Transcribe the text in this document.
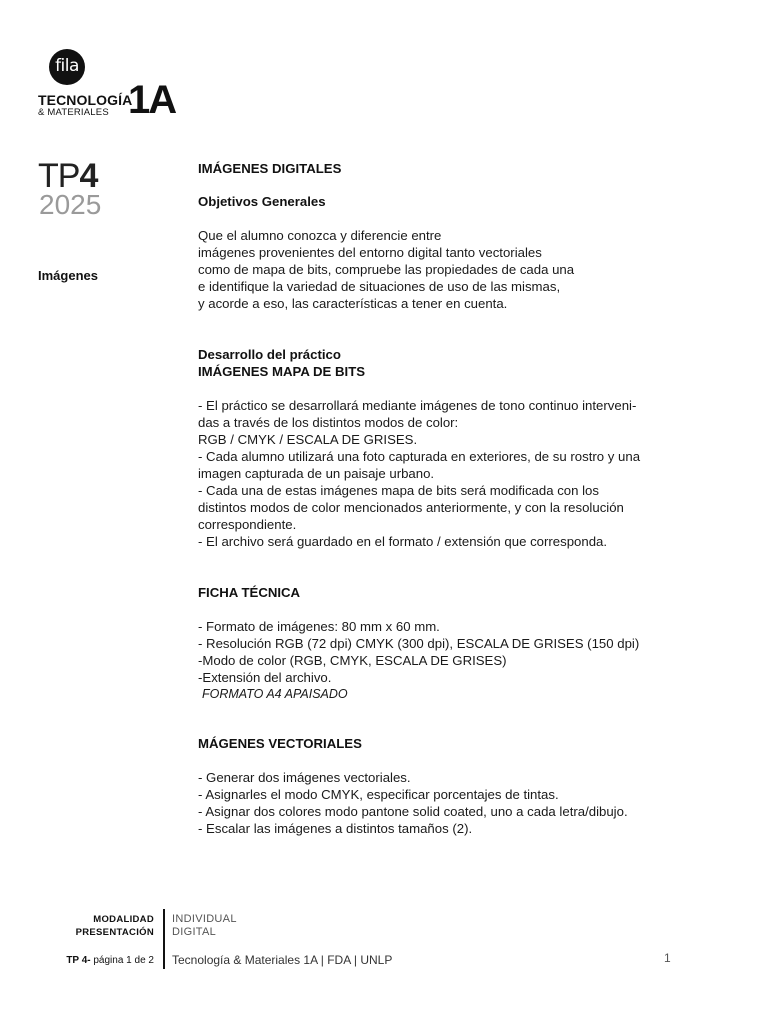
fila
TECNOLOGÍA
& MATERIALES 1A
TP4
2025
Imágenes
IMÁGENES DIGITALES
Objetivos Generales
Que el alumno conozca y diferencie entre
imágenes provenientes del entorno digital tanto vectoriales
como de mapa de bits, compruebe las propiedades de cada una
e identifique la variedad de situaciones de uso de las mismas,
y acorde a eso, las características a tener en cuenta.
Desarrollo del práctico
IMÁGENES MAPA DE BITS
- El práctico se desarrollará mediante imágenes de tono continuo interveni-
das a través de los distintos modos de color:
RGB / CMYK / ESCALA DE GRISES.
- Cada alumno utilizará una foto capturada en exteriores, de su rostro y una
imagen capturada de un paisaje urbano.
- Cada una de estas imágenes mapa de bits será modificada con los
distintos modos de color mencionados anteriormente, y con la resolución
correspondiente.
- El archivo será guardado en el formato / extensión que corresponda.
FICHA TÉCNICA
- Formato de imágenes: 80 mm x 60 mm.
- Resolución RGB (72 dpi) CMYK (300 dpi), ESCALA DE GRISES (150 dpi)
-Modo de color (RGB, CMYK, ESCALA DE GRISES)
-Extensión del archivo.
FORMATO A4 APAISADO
MÁGENES VECTORIALES
- Generar dos imágenes vectoriales.
- Asignarles el modo CMYK, especificar porcentajes de tintas.
- Asignar dos colores modo pantone solid coated, uno a cada letra/dibujo.
- Escalar las imágenes a distintos tamaños (2).
MODALIDAD
PRESENTACIÓN
INDIVIDUAL
DIGITAL
TP 4- página 1 de 2 Tecnología & Materiales 1A | FDA | UNLP	1
